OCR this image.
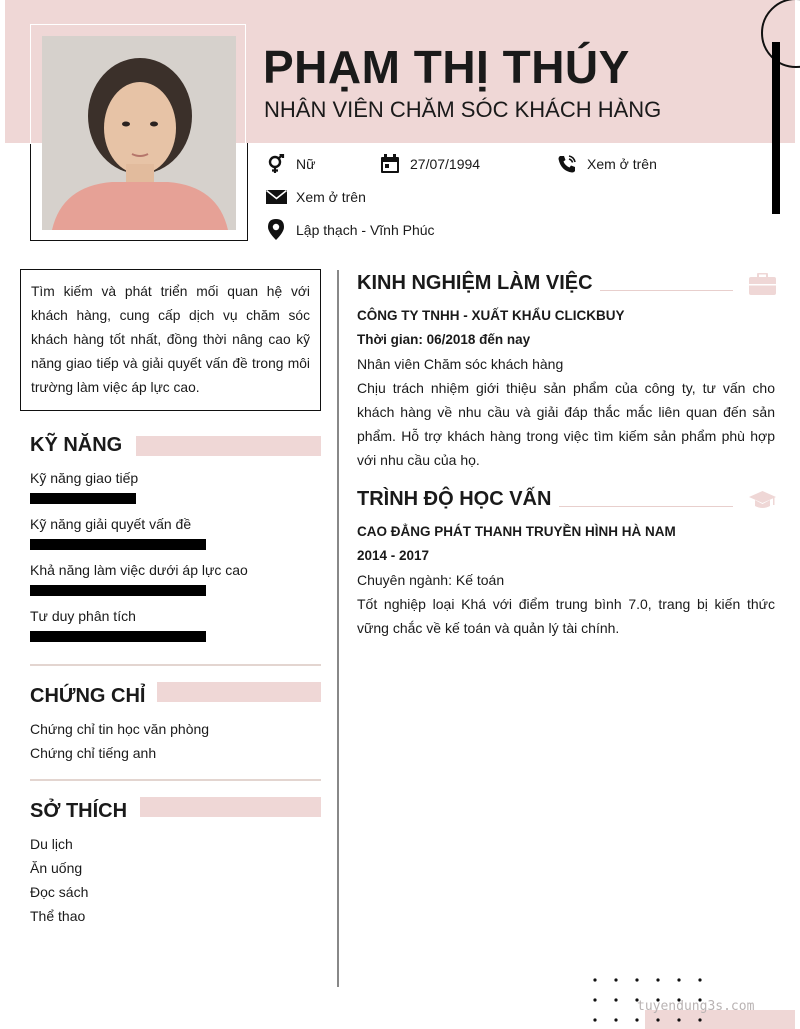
PHẠM THỊ THÚY
NHÂN VIÊN CHĂM SÓC KHÁCH HÀNG
Nữ	27/07/1994	Xem ở trên
Xem ở trên
Lập thạch - Vĩnh Phúc
Tìm kiếm và phát triển mối quan hệ với khách hàng, cung cấp dịch vụ chăm sóc khách hàng tốt nhất, đồng thời nâng cao kỹ năng giao tiếp và giải quyết vấn đề trong môi trường làm việc áp lực cao.
KỸ NĂNG
Kỹ năng giao tiếp
Kỹ năng giải quyết vấn đề
Khả năng làm việc dưới áp lực cao
Tư duy phân tích
CHỨNG CHỈ
Chứng chỉ tin học văn phòng
Chứng chỉ tiếng anh
SỞ THÍCH
Du lịch
Ăn uống
Đọc sách
Thể thao
KINH NGHIỆM LÀM VIỆC
CÔNG TY TNHH - XUẤT KHẨU CLICKBUY
Thời gian: 06/2018 đến nay
Nhân viên Chăm sóc khách hàng
Chịu trách nhiệm giới thiệu sản phẩm của công ty, tư vấn cho khách hàng về nhu cầu và giải đáp thắc mắc liên quan đến sản phẩm. Hỗ trợ khách hàng trong việc tìm kiếm sản phẩm phù hợp với nhu cầu của họ.
TRÌNH ĐỘ HỌC VẤN
CAO ĐẲNG PHÁT THANH TRUYỀN HÌNH HÀ NAM
2014 - 2017
Chuyên ngành: Kế toán
Tốt nghiệp loại Khá với điểm trung bình 7.0, trang bị kiến thức vững chắc về kế toán và quản lý tài chính.
tuyendung3s.com
